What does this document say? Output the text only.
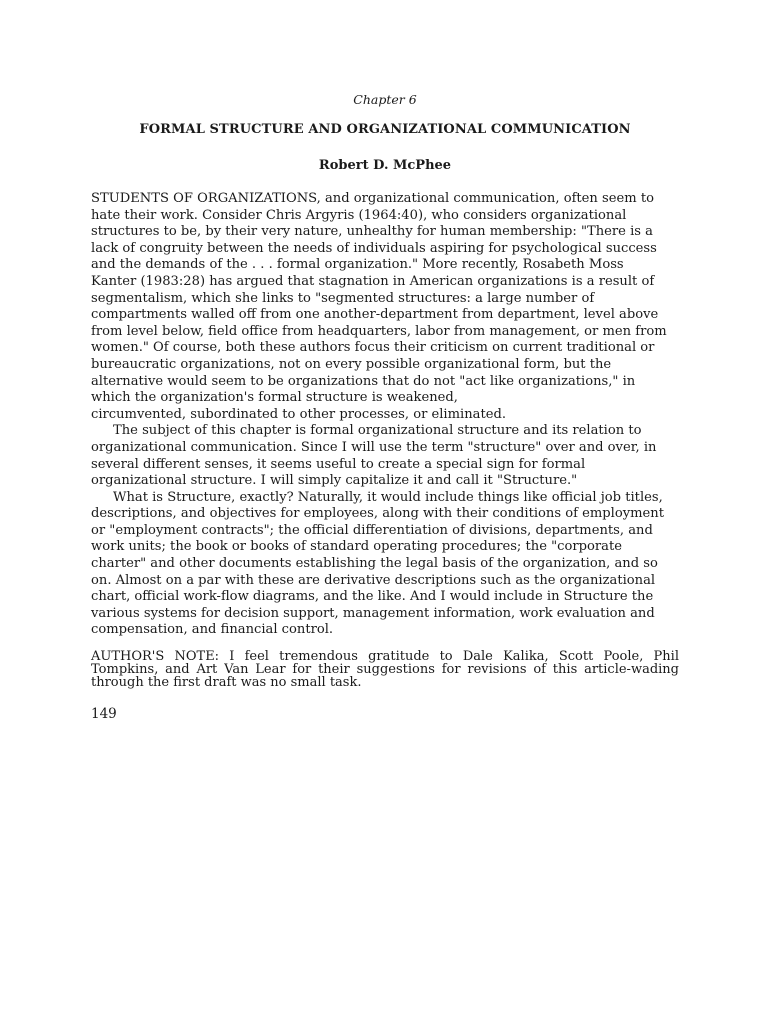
Chapter 6
FORMAL STRUCTURE AND ORGANIZATIONAL COMMUNICATION
Robert D. McPhee

STUDENTS OF ORGANIZATIONS, and organizational communication, often seem to
hate their work. Consider Chris Argyris (1964:40), who considers organizational
structures to be, by their very nature, unhealthy for human membership: "There is a
lack of congruity between the needs of individuals aspiring for psychological success
and the demands of the . . . formal organization." More recently, Rosabeth Moss
Kanter (1983:28) has argued that stagnation in American organizations is a result of
segmentalism, which she links to "segmented structures: a large number of
compartments walled off from one another-department from department, level above
from level below, field office from headquarters, labor from management, or men from
women." Of course, both these authors focus their criticism on current traditional or
bureaucratic organizations, not on every possible organizational form, but the
alternative would seem to be organizations that do not "act like organizations," in
which the organization's formal structure is weakened,
circumvented, subordinated to other processes, or eliminated.

The subject of this chapter is formal organizational structure and its relation to
organizational communication. Since I will use the term "structure" over and over, in
several different senses, it seems useful to create a special sign for formal
organizational structure. I will simply capitalize it and call it "Structure."

What is Structure, exactly? Naturally, it would include things like official job titles,
descriptions, and objectives for employees, along with their conditions of employment
or "employment contracts"; the official differentiation of divisions, departments, and
work units; the book or books of standard operating procedures; the "corporate
charter" and other documents establishing the legal basis of the organization, and so
on. Almost on a par with these are derivative descriptions such as the organizational
chart, official work-flow diagrams, and the like. And I would include in Structure the
various systems for decision support, management information, work evaluation and
compensation, and financial control.

AUTHOR'S NOTE: I feel tremendous gratitude to Dale Kalika, Scott Poole, Phil
Tompkins, and Art Van Lear for their suggestions for revisions of this article-wading
through the first draft was no small task.
149
